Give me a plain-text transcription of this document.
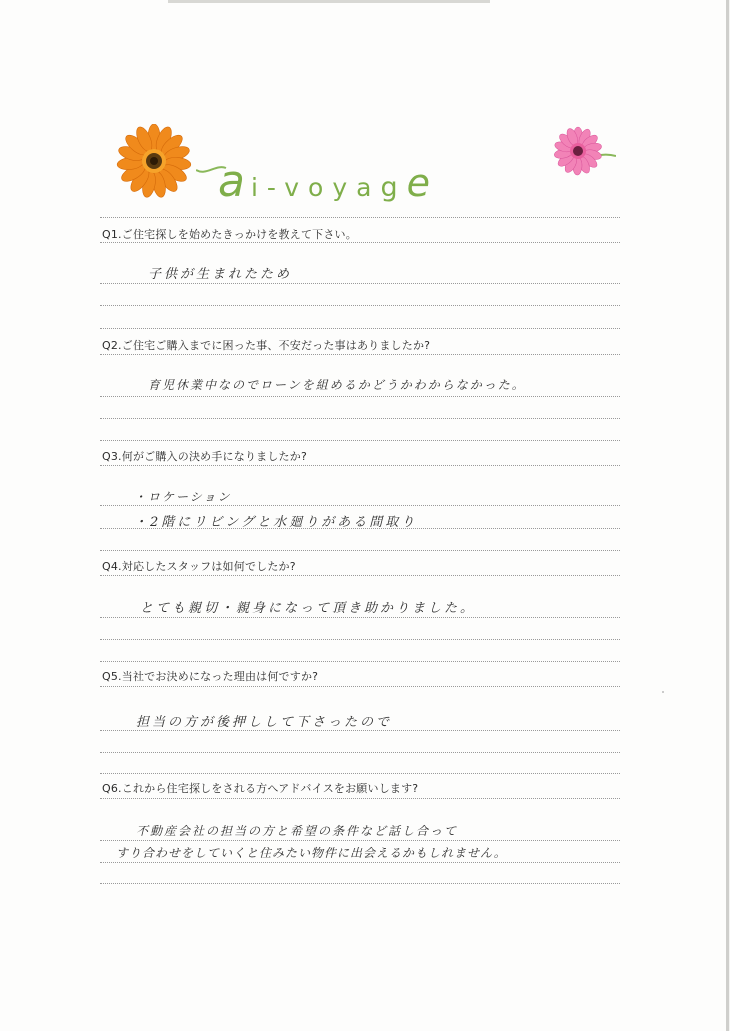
ai-voyage
Q1.ご住宅探しを始めたきっかけを教えて下さい。
子供が生まれたため
Q2.ご住宅ご購入までに困った事、不安だった事はありましたか?
育児休業中なのでローンを組めるかどうかわからなかった。
Q3.何がご購入の決め手になりましたか?
・ロケーション
・2階にリビングと水廻りがある間取り
Q4.対応したスタッフは如何でしたか?
とても親切・親身になって頂き助かりました。
Q5.当社でお決めになった理由は何ですか?
担当の方が後押しして下さったので
Q6.これから住宅探しをされる方へアドバイスをお願いします?
不動産会社の担当の方と希望の条件など話し合って
すり合わせをしていくと住みたい物件に出会えるかもしれません。
